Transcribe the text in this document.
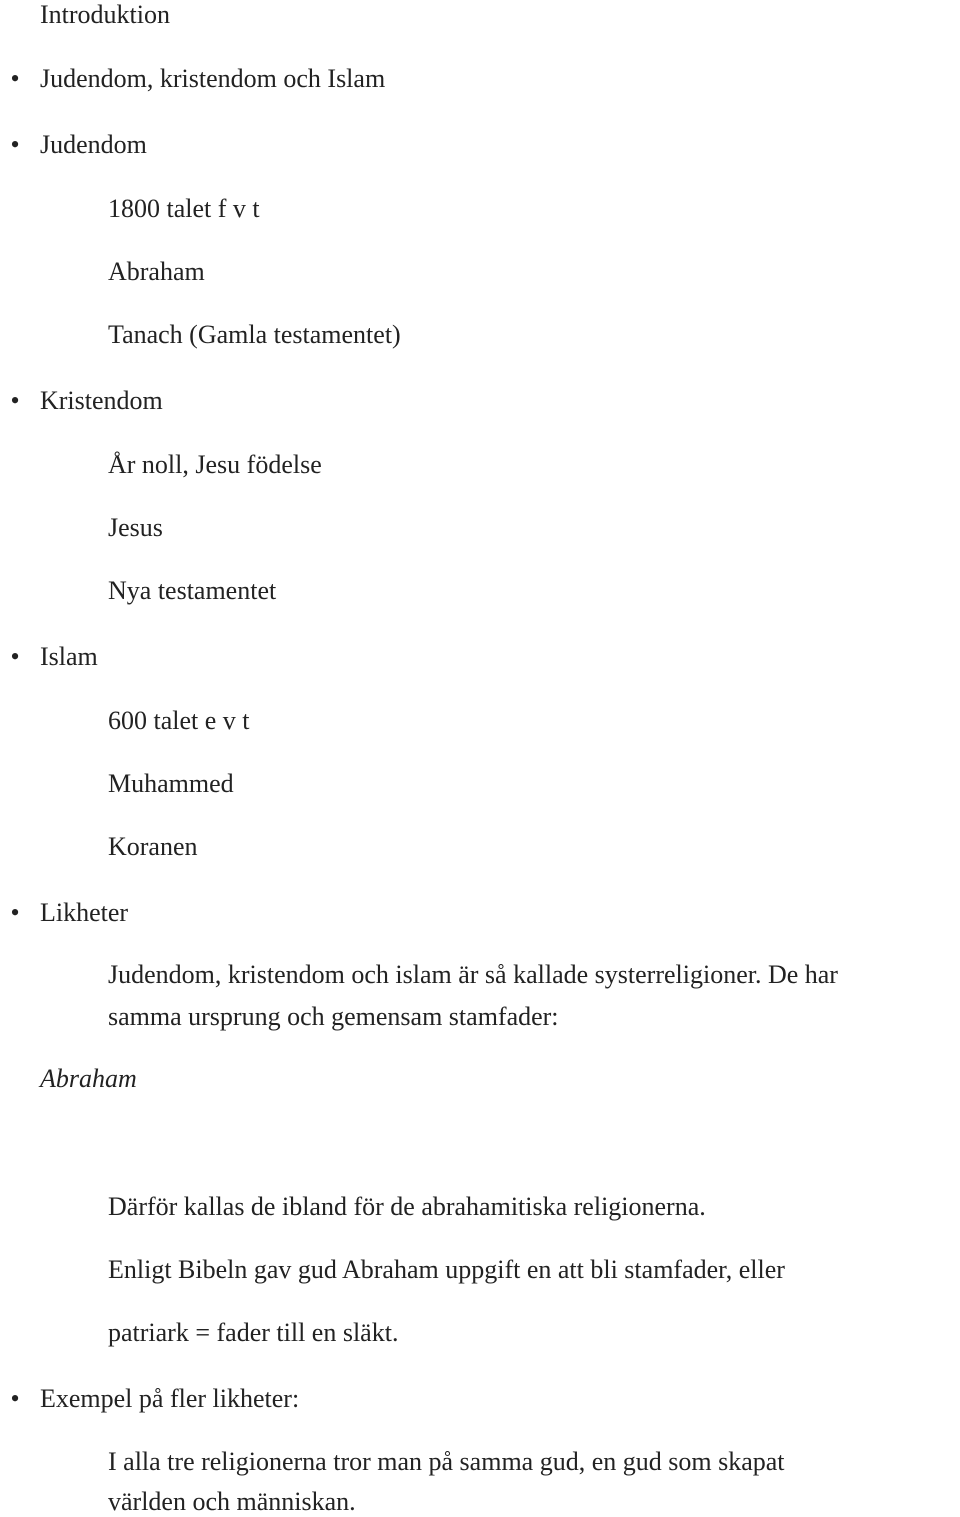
Introduktion
• Judendom, kristendom och Islam
• Judendom
1800 talet f v t
Abraham
Tanach (Gamla testamentet)
• Kristendom
År noll, Jesu födelse
Jesus
Nya testamentet
• Islam
600 talet e v t
Muhammed
Koranen
• Likheter
Judendom, kristendom och islam är så kallade systerreligioner. De har
samma ursprung och gemensam stamfader:
Abraham
Därför kallas de ibland för de abrahamitiska religionerna.
Enligt Bibeln gav gud Abraham uppgift en att bli stamfader, eller
patriark = fader till en släkt.
• Exempel på fler likheter:
I alla tre religionerna tror man på samma gud, en gud som skapat
världen och människan.
